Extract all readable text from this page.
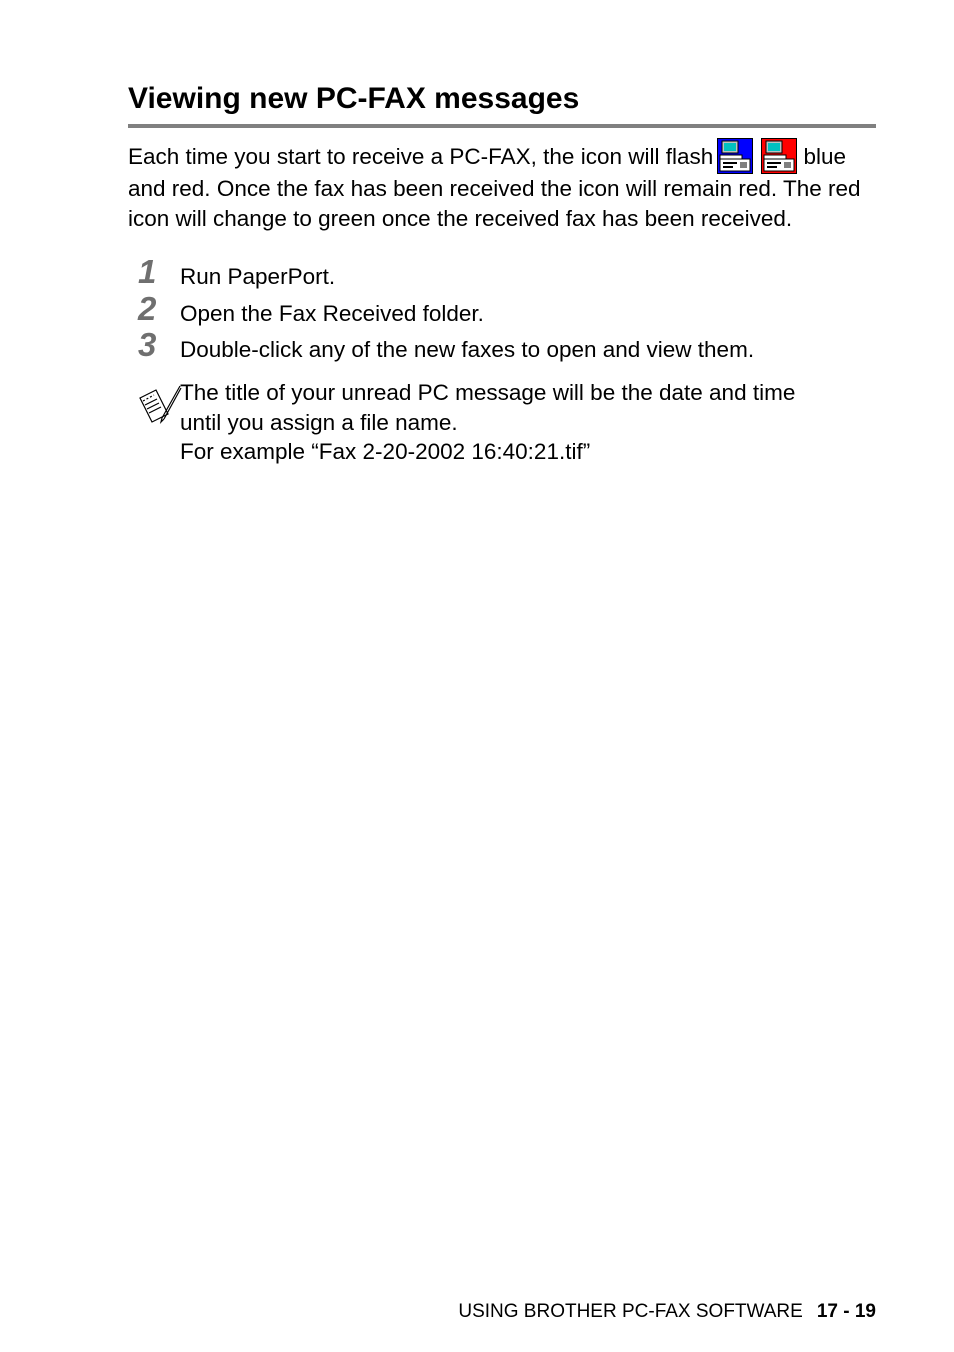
Viewing new PC-FAX messages
Each time you start to receive a PC-FAX, the icon will flash	blue and red. Once the fax has been received the icon will remain red. The red icon will change to green once the received fax has been received.
1	Run PaperPort.
2	Open the Fax Received folder.
3	Double-click any of the new faxes to open and view them.
The title of your unread PC message will be the date and time
until you assign a file name.
For example “Fax 2-20-2002 16:40:21.tif”
USING BROTHER PC-FAX SOFTWARE 17 - 19
